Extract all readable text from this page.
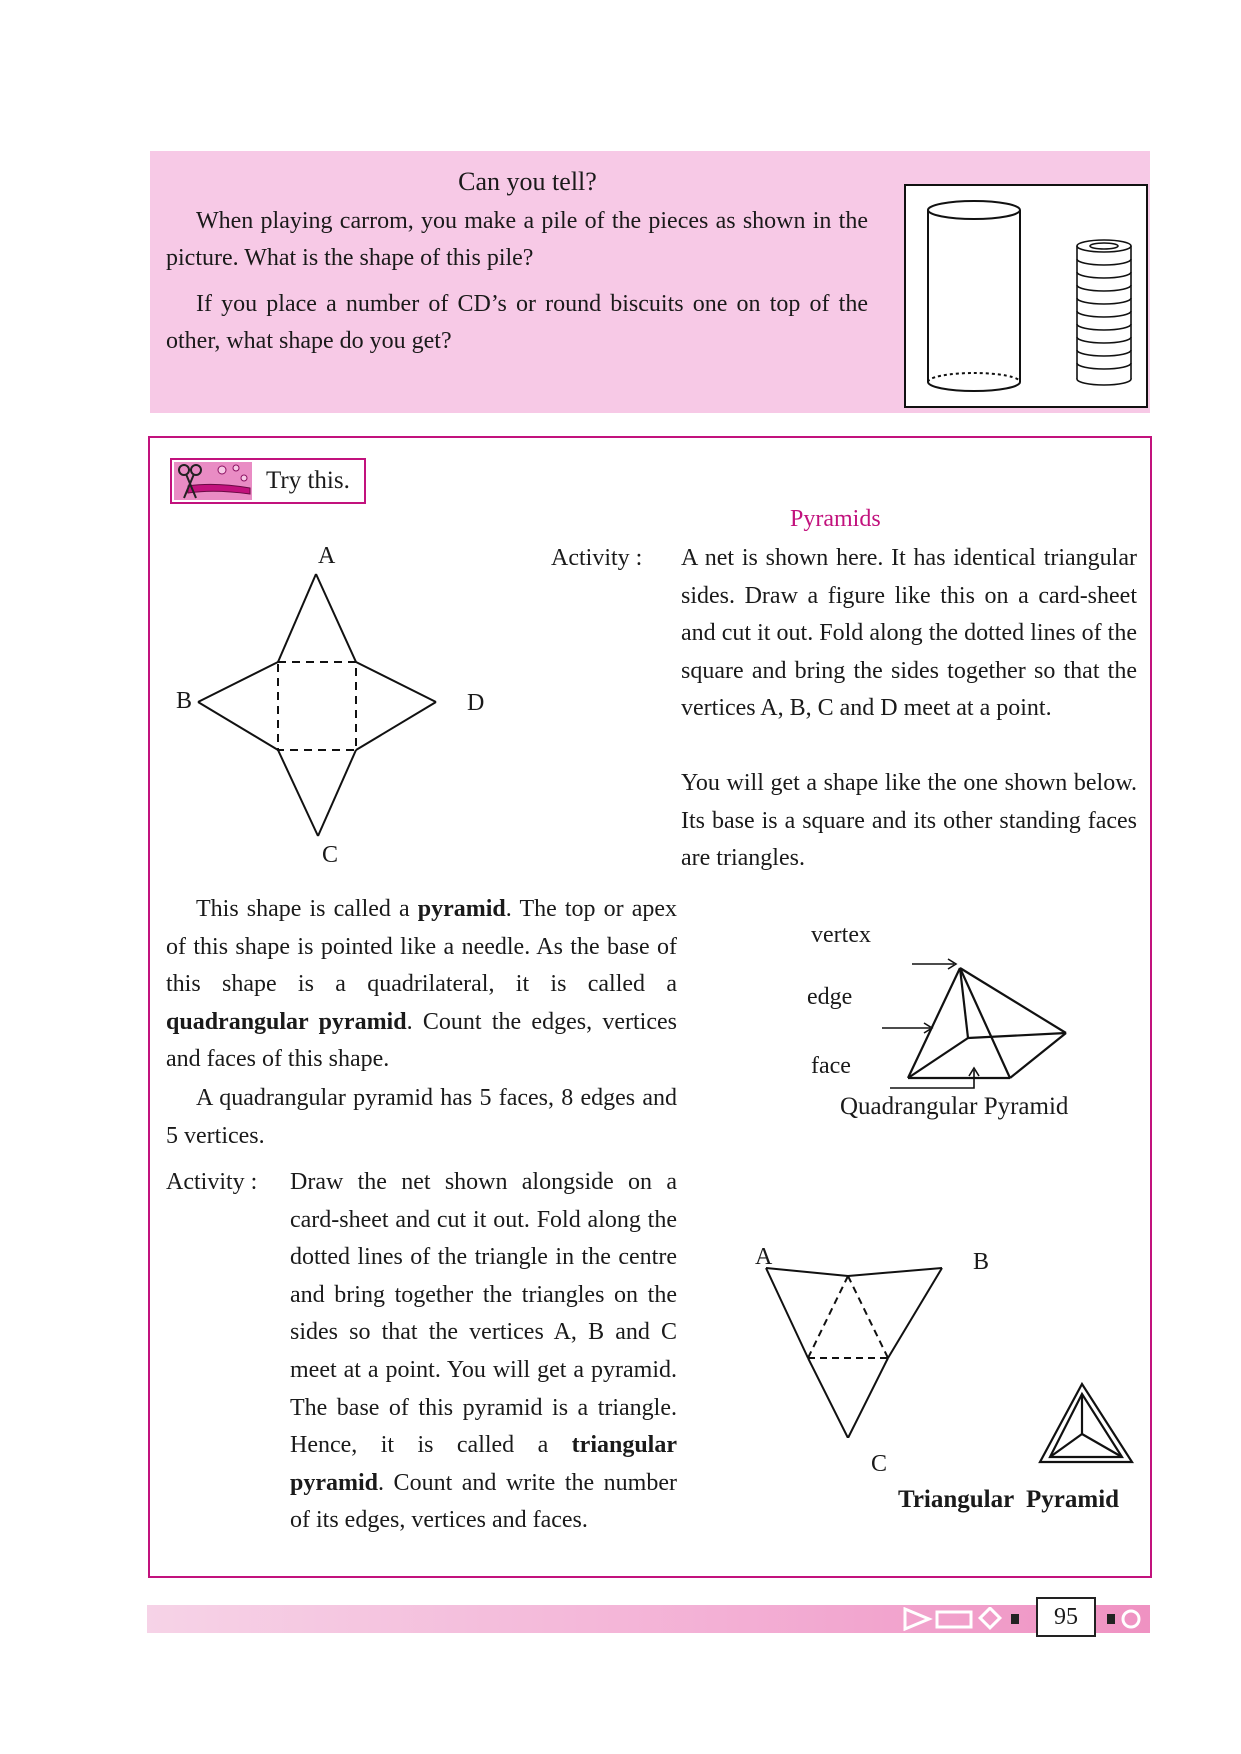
Can you tell?
When playing carrom, you make a pile of the pieces as shown in the picture. What is the shape of this pile?
If you place a number of CD’s or round biscuits one on top of the other, what shape do you get?
Try this.
Pyramids
Activity : A net is shown here. It has identical triangular sides. Draw a figure like this on a card-sheet and cut it out. Fold along the dotted lines of the square and bring the sides together so that the vertices A, B, C and D meet at a point.
You will get a shape like the one shown below. Its base is a square and its other standing faces are triangles.
A
B	D
C
This shape is called a pyramid. The top or apex of this shape is pointed like a needle. As the base of this shape is a quadrilateral, it is called a quadrangular pyramid. Count the edges, vertices and faces of this shape.
A quadrangular pyramid has 5 faces, 8 edges and 5 vertices.
vertex
edge
face
Quadrangular Pyramid
Activity : Draw the net shown alongside on a card-sheet and cut it out. Fold along the dotted lines of the triangle in the centre and bring together the triangles on the sides so that the vertices A, B and C meet at a point. You will get a pyramid. The base of this pyramid is a triangle. Hence, it is called a triangular pyramid. Count and write the number of its edges, vertices and faces.
A	B
C
Triangular Pyramid
95
